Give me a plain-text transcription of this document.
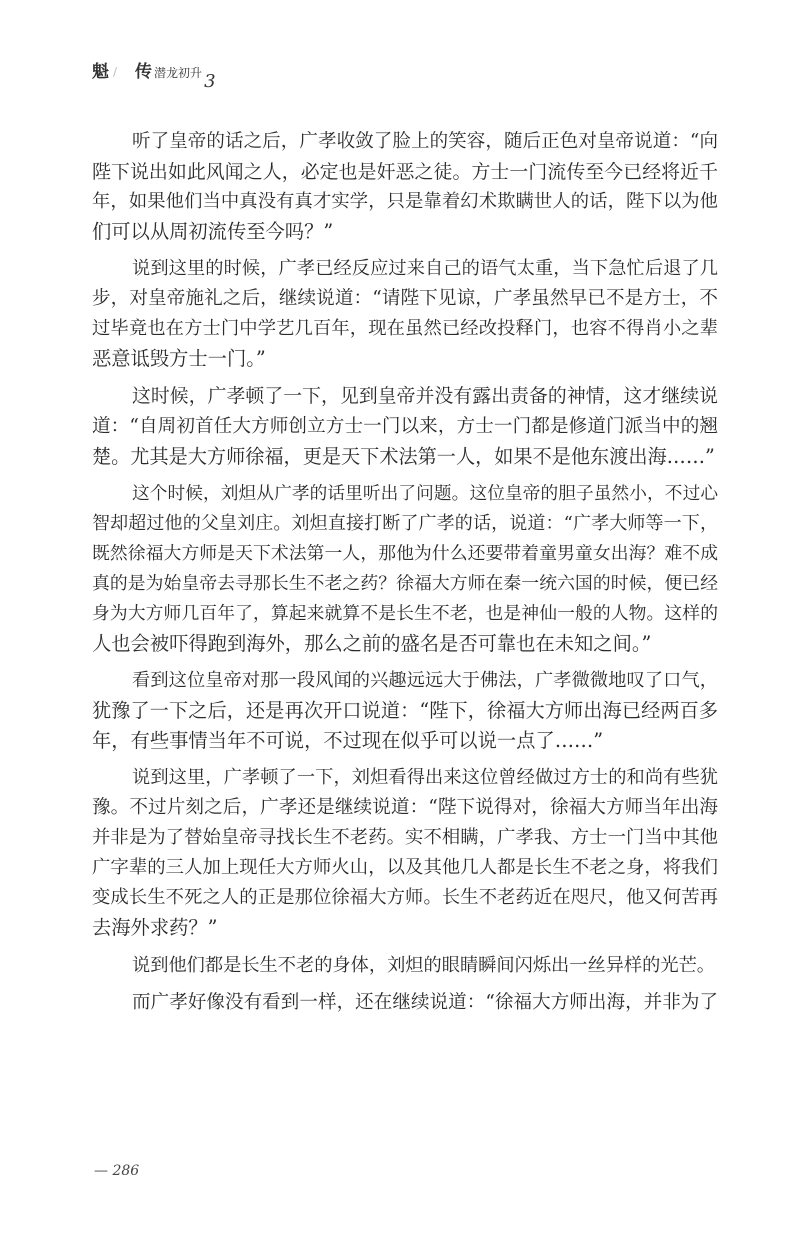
魁 / 传 潜龙初升 3
听了皇帝的话之后，广孝收敛了脸上的笑容，随后正色对皇帝说道：“向
陛下说出如此风闻之人，必定也是奸恶之徒。方士一门流传至今已经将近千
年，如果他们当中真没有真才实学，只是靠着幻术欺瞒世人的话，陛下以为他
们可以从周初流传至今吗？”
说到这里的时候，广孝已经反应过来自己的语气太重，当下急忙后退了几
步，对皇帝施礼之后，继续说道：“请陛下见谅，广孝虽然早已不是方士，不
过毕竟也在方士门中学艺几百年，现在虽然已经改投释门，也容不得肖小之辈
恶意诋毁方士一门。”
这时候，广孝顿了一下，见到皇帝并没有露出责备的神情，这才继续说
道：“自周初首任大方师创立方士一门以来，方士一门都是修道门派当中的翘
楚。尤其是大方师徐福，更是天下术法第一人，如果不是他东渡出海……”
这个时候，刘炟从广孝的话里听出了问题。这位皇帝的胆子虽然小，不过心
智却超过他的父皇刘庄。刘炟直接打断了广孝的话，说道：“广孝大师等一下，
既然徐福大方师是天下术法第一人，那他为什么还要带着童男童女出海？难不成
真的是为始皇帝去寻那长生不老之药？徐福大方师在秦一统六国的时候，便已经
身为大方师几百年了，算起来就算不是长生不老，也是神仙一般的人物。这样的
人也会被吓得跑到海外，那么之前的盛名是否可靠也在未知之间。”
看到这位皇帝对那一段风闻的兴趣远远大于佛法，广孝微微地叹了口气，
犹豫了一下之后，还是再次开口说道：“陛下，徐福大方师出海已经两百多
年，有些事情当年不可说，不过现在似乎可以说一点了……”
说到这里，广孝顿了一下，刘炟看得出来这位曾经做过方士的和尚有些犹
豫。不过片刻之后，广孝还是继续说道：“陛下说得对，徐福大方师当年出海
并非是为了替始皇帝寻找长生不老药。实不相瞒，广孝我、方士一门当中其他
广字辈的三人加上现任大方师火山，以及其他几人都是长生不老之身，将我们
变成长生不死之人的正是那位徐福大方师。长生不老药近在咫尺，他又何苦再
去海外求药？”
说到他们都是长生不老的身体，刘炟的眼睛瞬间闪烁出一丝异样的光芒。
而广孝好像没有看到一样，还在继续说道：“徐福大方师出海，并非为了
— 286
